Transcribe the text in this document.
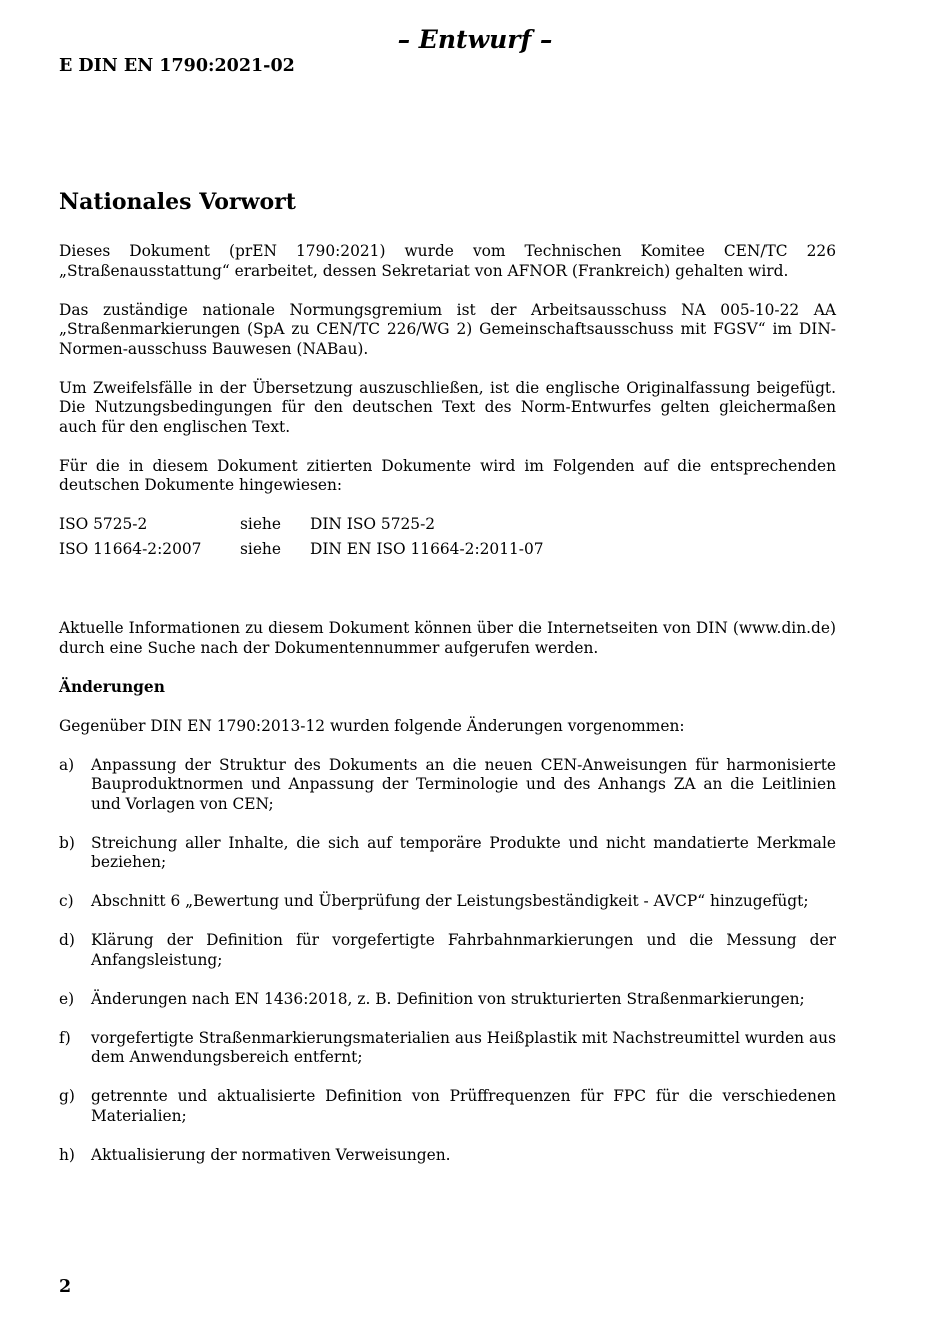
– Entwurf –
E DIN EN 1790:2021-02
Nationales Vorwort

Dieses Dokument (prEN 1790:2021) wurde vom Technischen Komitee CEN/TC 226 „Straßenausstattung“ erarbeitet, dessen Sekretariat von AFNOR (Frankreich) gehalten wird.

Das zuständige nationale Normungsgremium ist der Arbeitsausschuss NA 005-10-22 AA „Straßenmarkierungen (SpA zu CEN/TC 226/WG 2) Gemeinschaftsausschuss mit FGSV“ im DIN-Normen-ausschuss Bauwesen (NABau).

Um Zweifelsfälle in der Übersetzung auszuschließen, ist die englische Originalfassung beigefügt. Die Nutzungsbedingungen für den deutschen Text des Norm-Entwurfes gelten gleichermaßen auch für den englischen Text.

Für die in diesem Dokument zitierten Dokumente wird im Folgenden auf die entsprechenden deutschen Dokumente hingewiesen:

ISO 5725-2	siehe	DIN ISO 5725-2
ISO 11664-2:2007	siehe	DIN EN ISO 11664-2:2011-07

Aktuelle Informationen zu diesem Dokument können über die Internetseiten von DIN (www.din.de) durch eine Suche nach der Dokumentennummer aufgerufen werden.

Änderungen

Gegenüber DIN EN 1790:2013-12 wurden folgende Änderungen vorgenommen:

a)	Anpassung der Struktur des Dokuments an die neuen CEN-Anweisungen für harmonisierte Bauproduktnormen und Anpassung der Terminologie und des Anhangs ZA an die Leitlinien und Vorlagen von CEN;
b)	Streichung aller Inhalte, die sich auf temporäre Produkte und nicht mandatierte Merkmale beziehen;
c)	Abschnitt 6 „Bewertung und Überprüfung der Leistungsbeständigkeit - AVCP“ hinzugefügt;
d)	Klärung der Definition für vorgefertigte Fahrbahnmarkierungen und die Messung der Anfangsleistung;
e)	Änderungen nach EN 1436:2018, z. B. Definition von strukturierten Straßenmarkierungen;
f)	vorgefertigte Straßenmarkierungsmaterialien aus Heißplastik mit Nachstreumittel wurden aus dem Anwendungsbereich entfernt;
g)	getrennte und aktualisierte Definition von Prüffrequenzen für FPC für die verschiedenen Materialien;
h)	Aktualisierung der normativen Verweisungen.
2
